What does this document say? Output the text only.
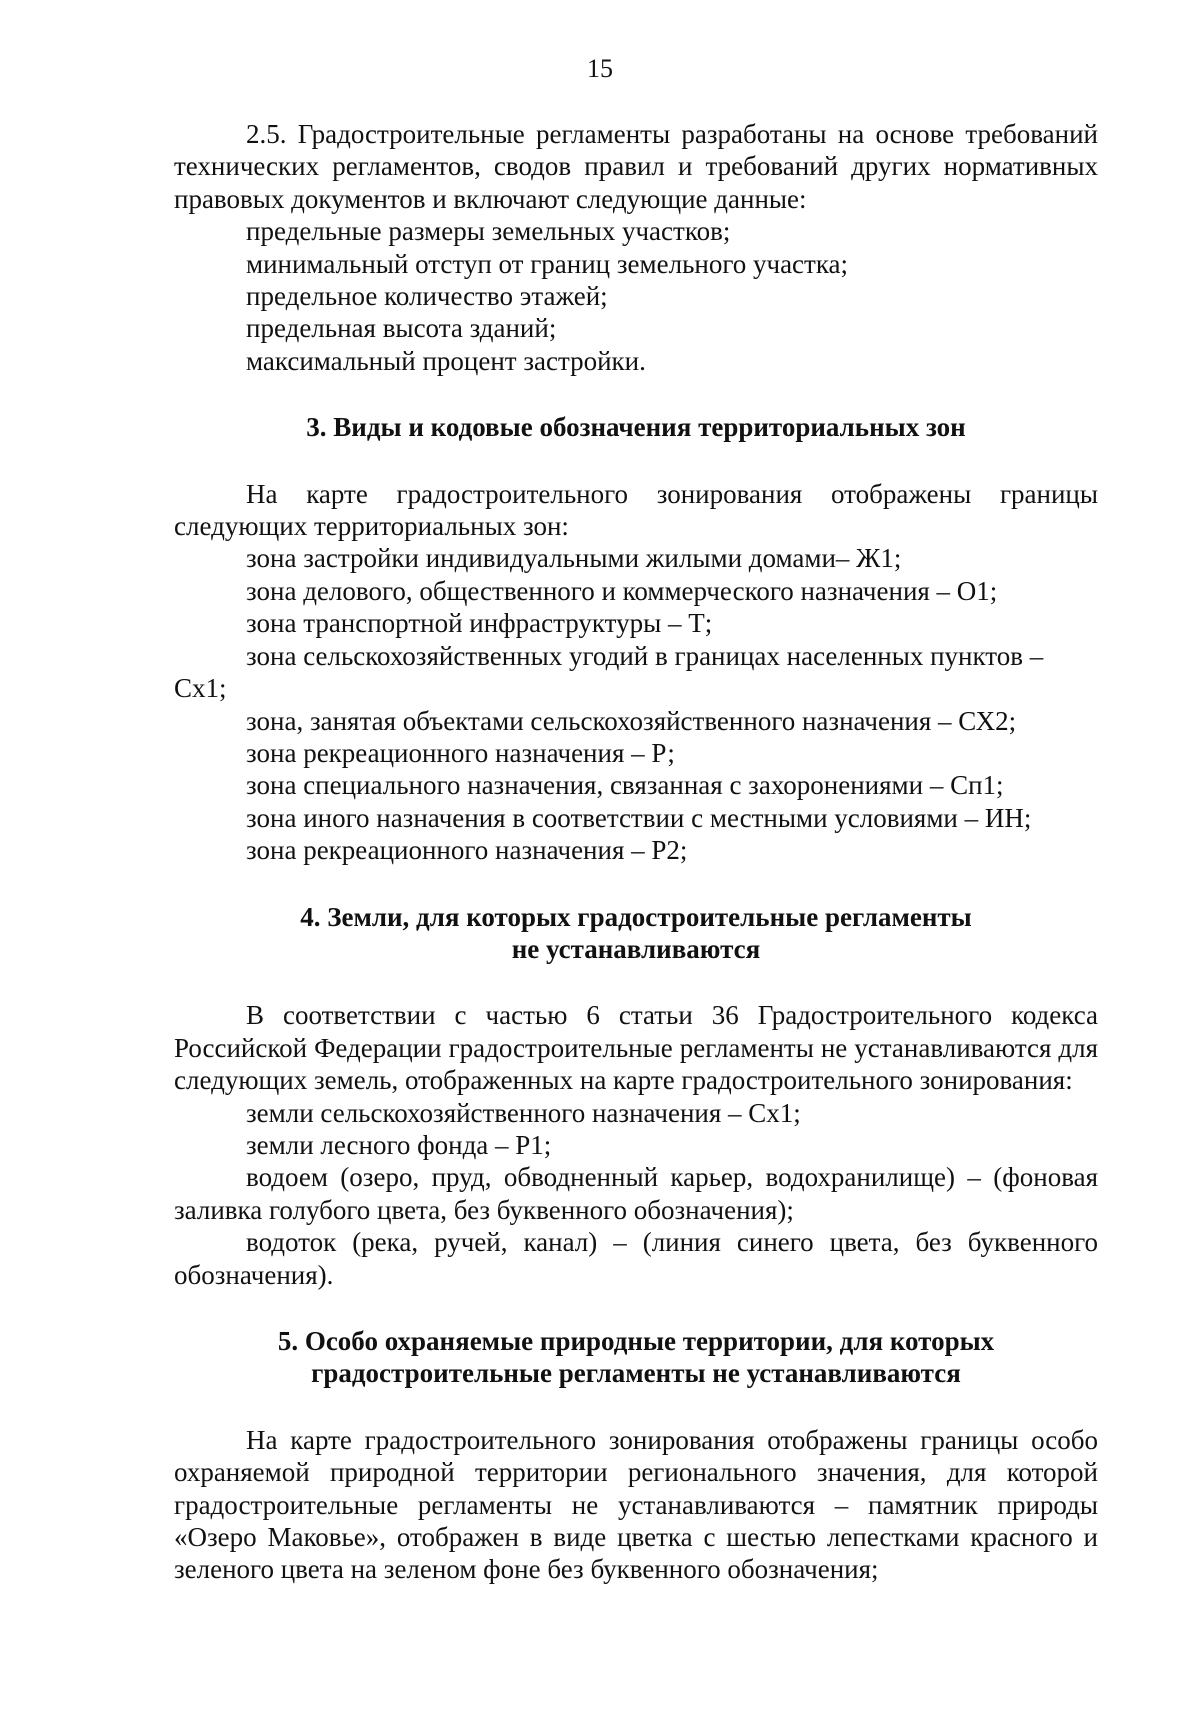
15

2.5. Градостроительные регламенты разработаны на основе требований технических регламентов, сводов правил и требований других нормативных правовых документов и включают следующие данные:

предельные размеры земельных участков;

минимальный отступ от границ земельного участка;

предельное количество этажей;

предельная высота зданий;

максимальный процент застройки.

3. Виды и кодовые обозначения территориальных зон

На карте градостроительного зонирования отображены границы следующих территориальных зон:

зона застройки индивидуальными жилыми домами– Ж1;

зона делового, общественного и коммерческого назначения – О1;

зона транспортной инфраструктуры – Т;

зона сельскохозяйственных угодий в границах населенных пунктов – Сх1;

зона, занятая объектами сельскохозяйственного назначения – СХ2;

зона рекреационного назначения – Р;

зона специального назначения, связанная с захоронениями – Сп1;

зона иного назначения в соответствии с местными условиями – ИН;

зона рекреационного назначения – Р2;

4. Земли, для которых градостроительные регламенты
не устанавливаются

В соответствии с частью 6 статьи 36 Градостроительного кодекса Российской Федерации градостроительные регламенты не устанавливаются для следующих земель, отображенных на карте градостроительного зонирования:

земли сельскохозяйственного назначения – Сх1;

земли лесного фонда – Р1;

водоем (озеро, пруд, обводненный карьер, водохранилище) – (фоновая заливка голубого цвета, без буквенного обозначения);

водоток (река, ручей, канал) – (линия синего цвета, без буквенного обозначения).

5. Особо охраняемые природные территории, для которых
градостроительные регламенты не устанавливаются

На карте градостроительного зонирования отображены границы особо охраняемой природной территории регионального значения, для которой градостроительные регламенты не устанавливаются – памятник природы «Озеро Маковье», отображен в виде цветка с шестью лепестками красного и зеленого цвета на зеленом фоне без буквенного обозначения;
